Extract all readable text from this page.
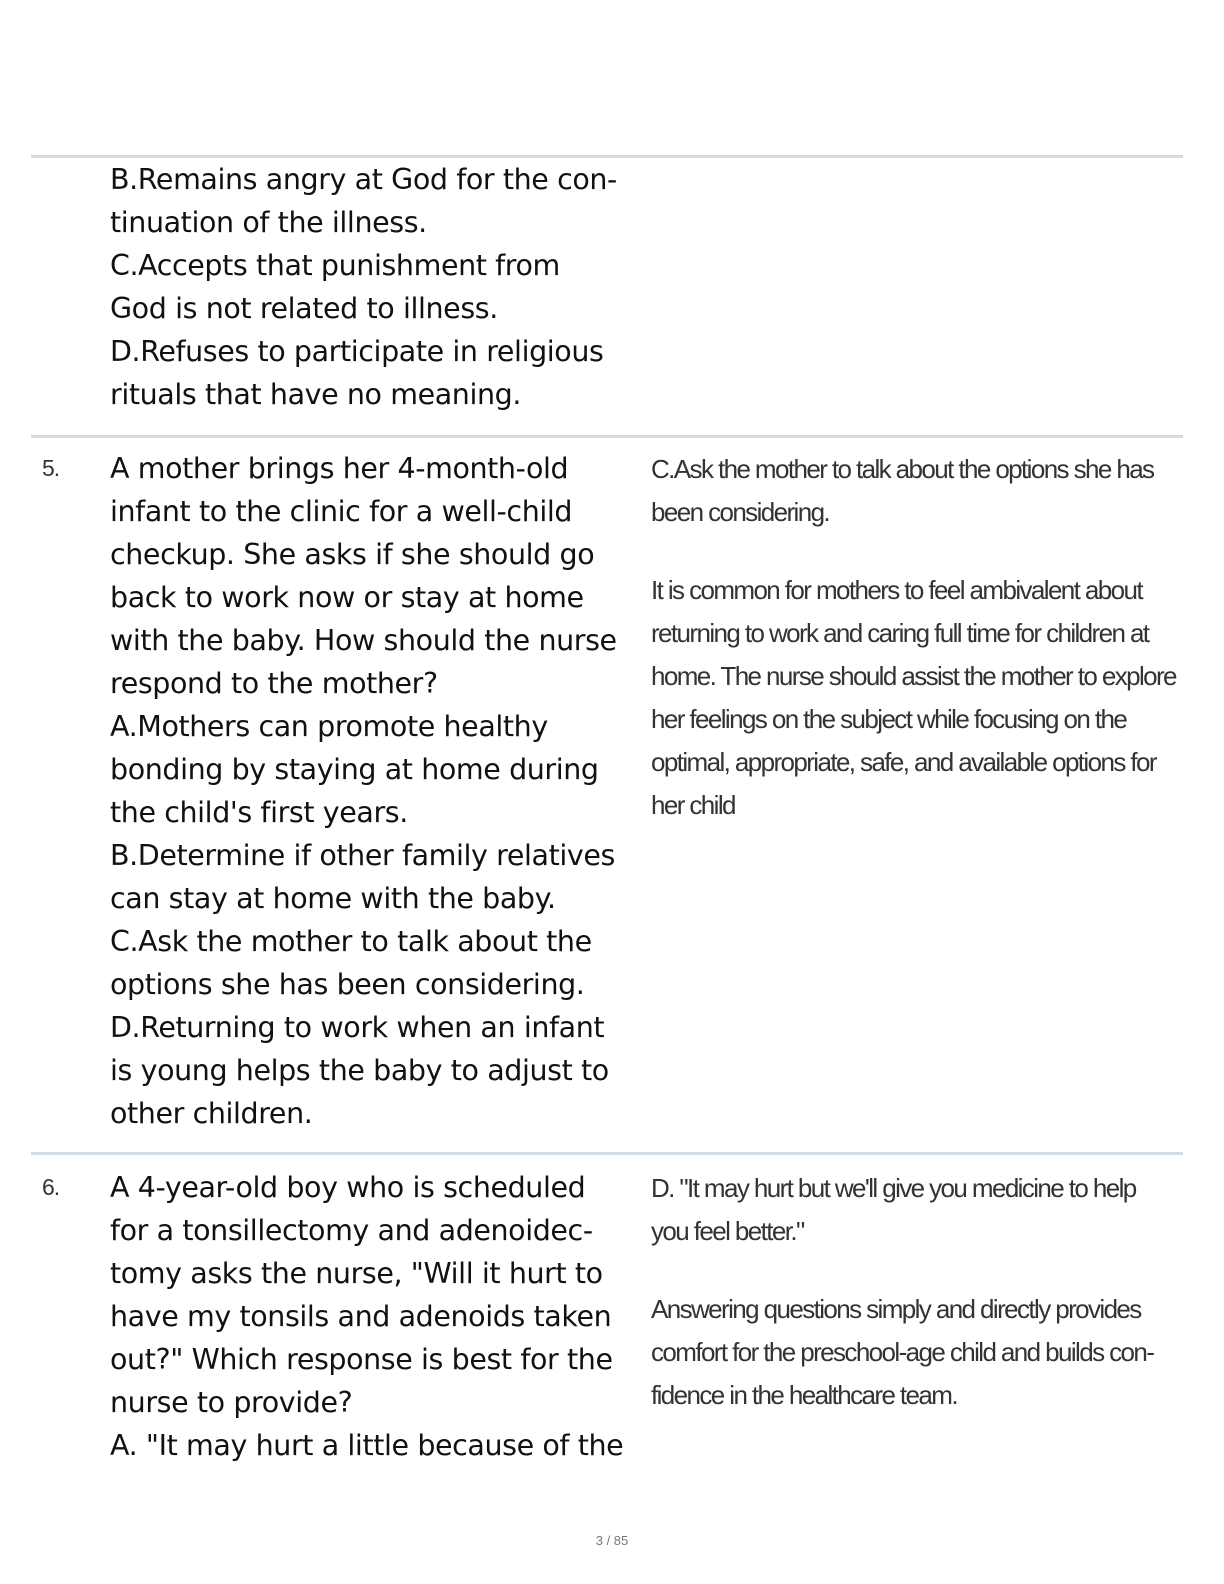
B.Remains angry at God for the con-
tinuation of the illness.
C.Accepts that punishment from
God is not related to illness.
D.Refuses to participate in religious
rituals that have no meaning.
5.	A mother brings her 4-month-old
infant to the clinic for a well-child
checkup. She asks if she should go
back to work now or stay at home
with the baby. How should the nurse
respond to the mother?
A.Mothers can promote healthy
bonding by staying at home during
the child's first years.
B.Determine if other family relatives
can stay at home with the baby.
C.Ask the mother to talk about the
options she has been considering.
D.Returning to work when an infant
is young helps the baby to adjust to
other children.
C.Ask the mother to talk about the options she has
been considering.
It is common for mothers to feel ambivalent about
returning to work and caring full time for children at
home. The nurse should assist the mother to explore
her feelings on the subject while focusing on the
optimal, appropriate, safe, and available options for
her child
6.	A 4-year-old boy who is scheduled
for a tonsillectomy and adenoidec-
tomy asks the nurse, "Will it hurt to
have my tonsils and adenoids taken
out?" Which response is best for the
nurse to provide?
A. "It may hurt a little because of the
D. "It may hurt but we'll give you medicine to help
you feel better."
Answering questions simply and directly provides
comfort for the preschool-age child and builds con-
fidence in the healthcare team.
3 / 85
